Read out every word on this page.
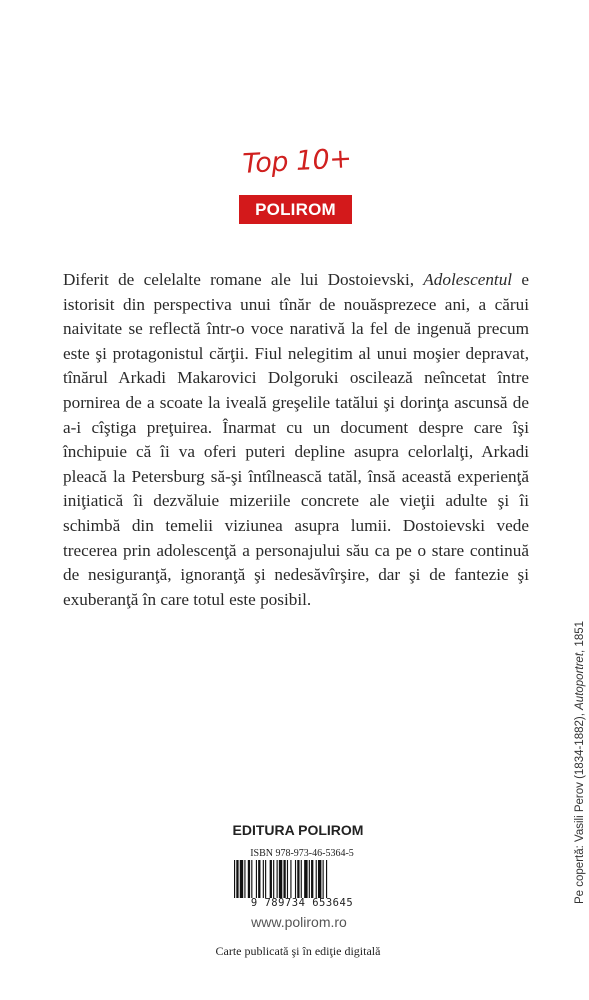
Top 10+
POLIROM

Diferit de celelalte romane ale lui Dostoievski, Adolescentul e istorisit din perspectiva unui tînăr de nouăsprezece ani, a cărui naivitate se reflectă într-o voce narativă la fel de ingenuă precum este şi protagonistul cărţii. Fiul nelegitim al unui moşier depravat, tînărul Arkadi Makarovici Dolgoruki oscilează neîncetat între pornirea de a scoate la iveală greşelile tatălui şi dorinţa ascunsă de a-i cîştiga preţuirea. Înarmat cu un document despre care îşi închipuie că îi va oferi puteri depline asupra celorlalţi, Arkadi pleacă la Petersburg să-şi întîlnească tatăl, însă această experienţă iniţiatică îi dezvăluie mizeriile concrete ale vieţii adulte şi îi schimbă din temelii viziunea asupra lumii. Dostoievski vede trecerea prin adolescenţă a personajului său ca pe o stare continuă de nesiguranţă, ignoranţă şi nedesăvîrşire, dar şi de fantezie şi exuberanţă în care totul este posibil.

Pe copertă: Vasili Perov (1834-1882), Autoportret, 1851
EDITURA POLIROM
ISBN 978-973-46-5364-5
9 789734 653645
www.polirom.ro
Carte publicată şi în ediţie digitală
